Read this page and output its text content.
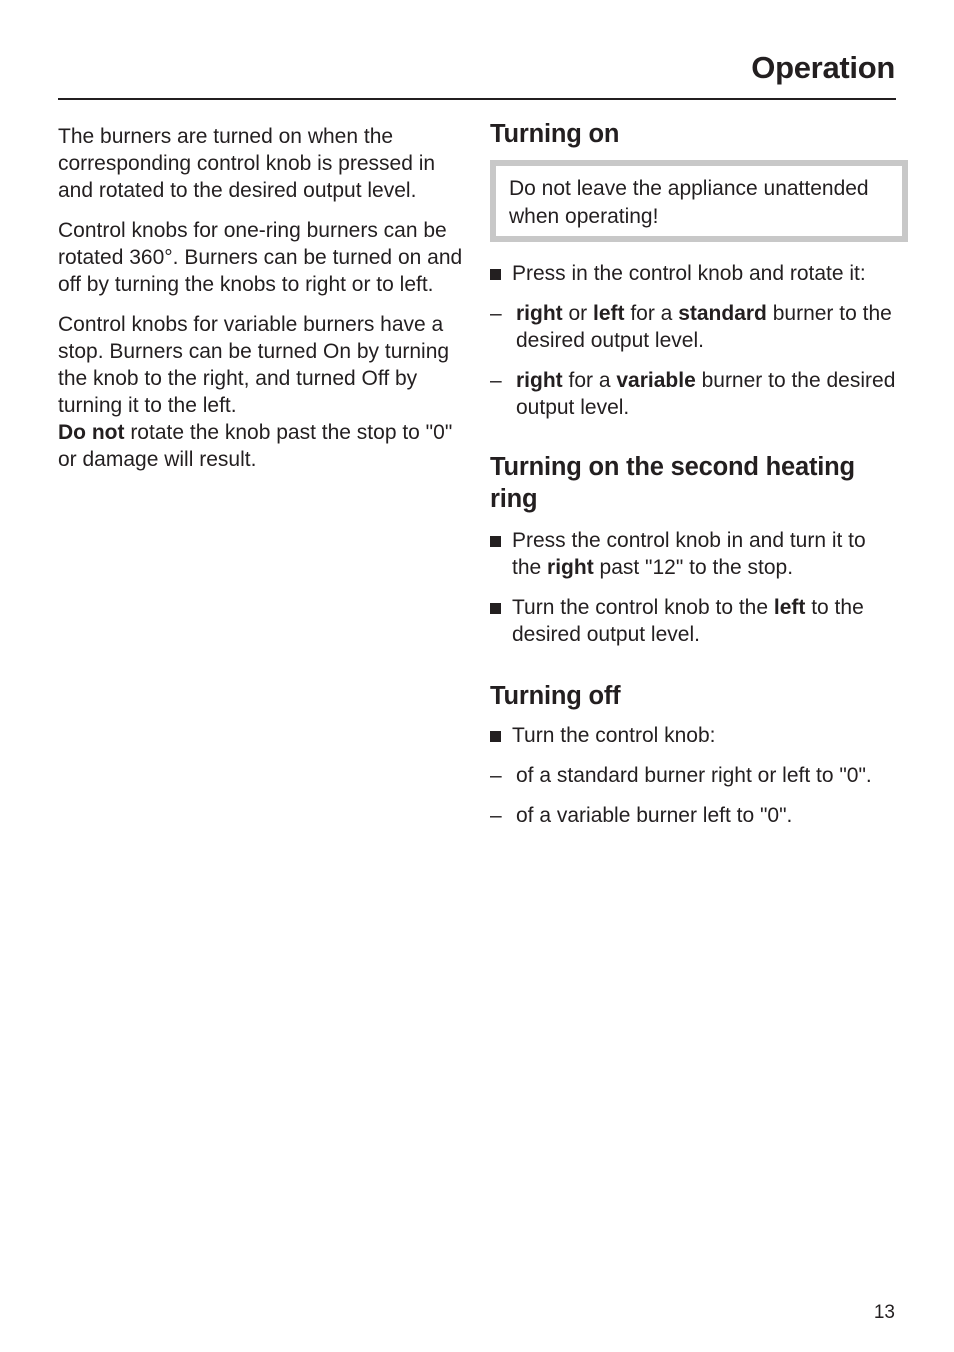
Operation

The burners are turned on when the corresponding control knob is pressed in and rotated to the desired output level.

Control knobs for one-ring burners can be rotated 360°. Burners can be turned on and off by turning the knobs to right or to left.

Control knobs for variable burners have a stop. Burners can be turned On by turning the knob to the right, and turned Off by turning it to the left.

Do not rotate the knob past the stop to "0" or damage will result.

Turning on
Do not leave the appliance unattended when operating!
Press in the control knob and rotate it:
– right or left for a standard burner to the desired output level.
– right for a variable burner to the desired output level.
Turning on the second heating ring
Press the control knob in and turn it to the right past "12" to the stop.
Turn the control knob to the left to the desired output level.
Turning off
Turn the control knob:
– of a standard burner right or left to "0".
– of a variable burner left to "0".
13
